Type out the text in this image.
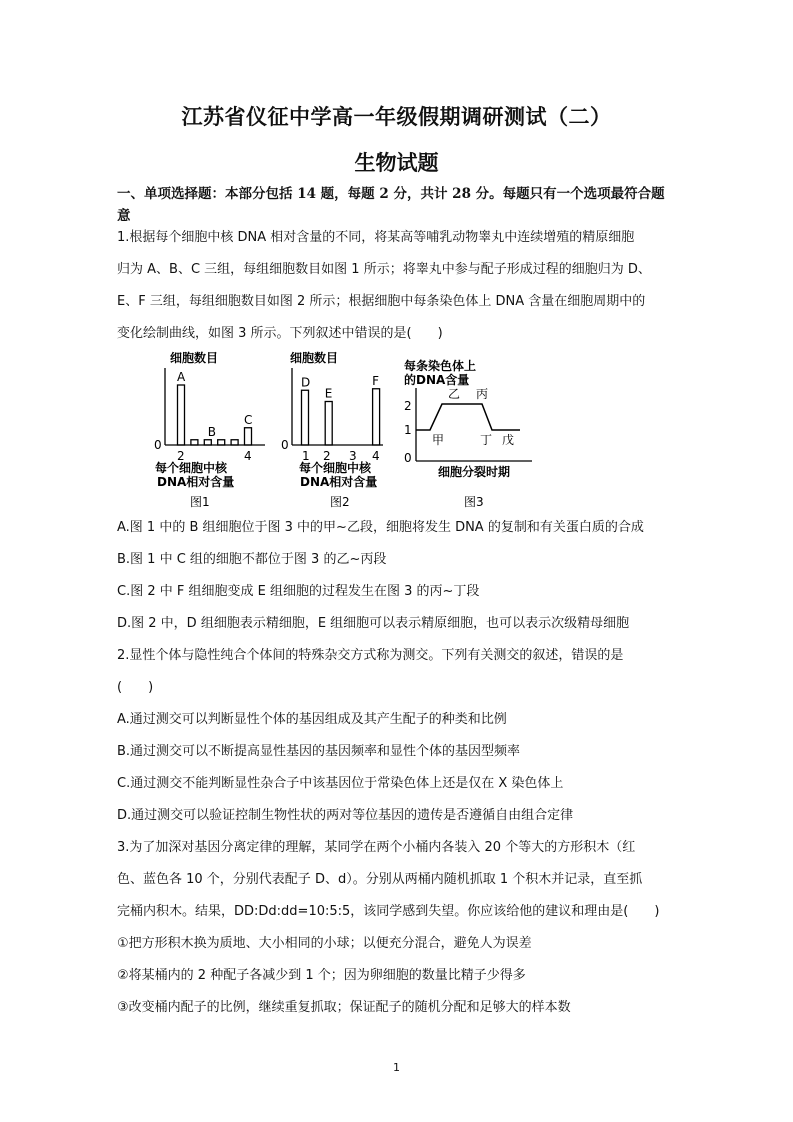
江苏省仪征中学高一年级假期调研测试（二）
生物试题
一、单项选择题：本部分包括 14 题，每题 2 分，共计 28 分。每题只有一个选项最符合题意
1.根据每个细胞中核 DNA 相对含量的不同，将某高等哺乳动物睾丸中连续增殖的精原细胞
归为 A、B、C 三组，每组细胞数目如图 1 所示；将睾丸中参与配子形成过程的细胞归为 D、
E、F 三组，每组细胞数目如图 2 所示；根据细胞中每条染色体上 DNA 含量在细胞周期中的
变化绘制曲线，如图 3 所示。下列叙述中错误的是(　　)
细胞数目
0
A
B
C
2	4
每个细胞中核
DNA相对含量
图1
细胞数目
0
D
E
F
1 2 3 4
每个细胞中核
DNA相对含量
图2
每条染色体上
的DNA含量
2
1
0
甲
乙 丙
丁 戊
细胞分裂时期
图3
A.图 1 中的 B 组细胞位于图 3 中的甲~乙段，细胞将发生 DNA 的复制和有关蛋白质的合成
B.图 1 中 C 组的细胞不都位于图 3 的乙~丙段
C.图 2 中 F 组细胞变成 E 组细胞的过程发生在图 3 的丙~丁段
D.图 2 中，D 组细胞表示精细胞，E 组细胞可以表示精原细胞，也可以表示次级精母细胞
2.显性个体与隐性纯合个体间的特殊杂交方式称为测交。下列有关测交的叙述，错误的是
(　　)
A.通过测交可以判断显性个体的基因组成及其产生配子的种类和比例
B.通过测交可以不断提高显性基因的基因频率和显性个体的基因型频率
C.通过测交不能判断显性杂合子中该基因位于常染色体上还是仅在 X 染色体上
D.通过测交可以验证控制生物性状的两对等位基因的遗传是否遵循自由组合定律
3.为了加深对基因分离定律的理解，某同学在两个小桶内各装入 20 个等大的方形积木（红
色、蓝色各 10 个，分别代表配子 D、d）。分别从两桶内随机抓取 1 个积木并记录，直至抓
完桶内积木。结果，DD:Dd:dd=10:5:5，该同学感到失望。你应该给他的建议和理由是(　　)
①把方形积木换为质地、大小相同的小球；以便充分混合，避免人为误差
②将某桶内的 2 种配子各减少到 1 个；因为卵细胞的数量比精子少得多
③改变桶内配子的比例，继续重复抓取；保证配子的随机分配和足够大的样本数
1
